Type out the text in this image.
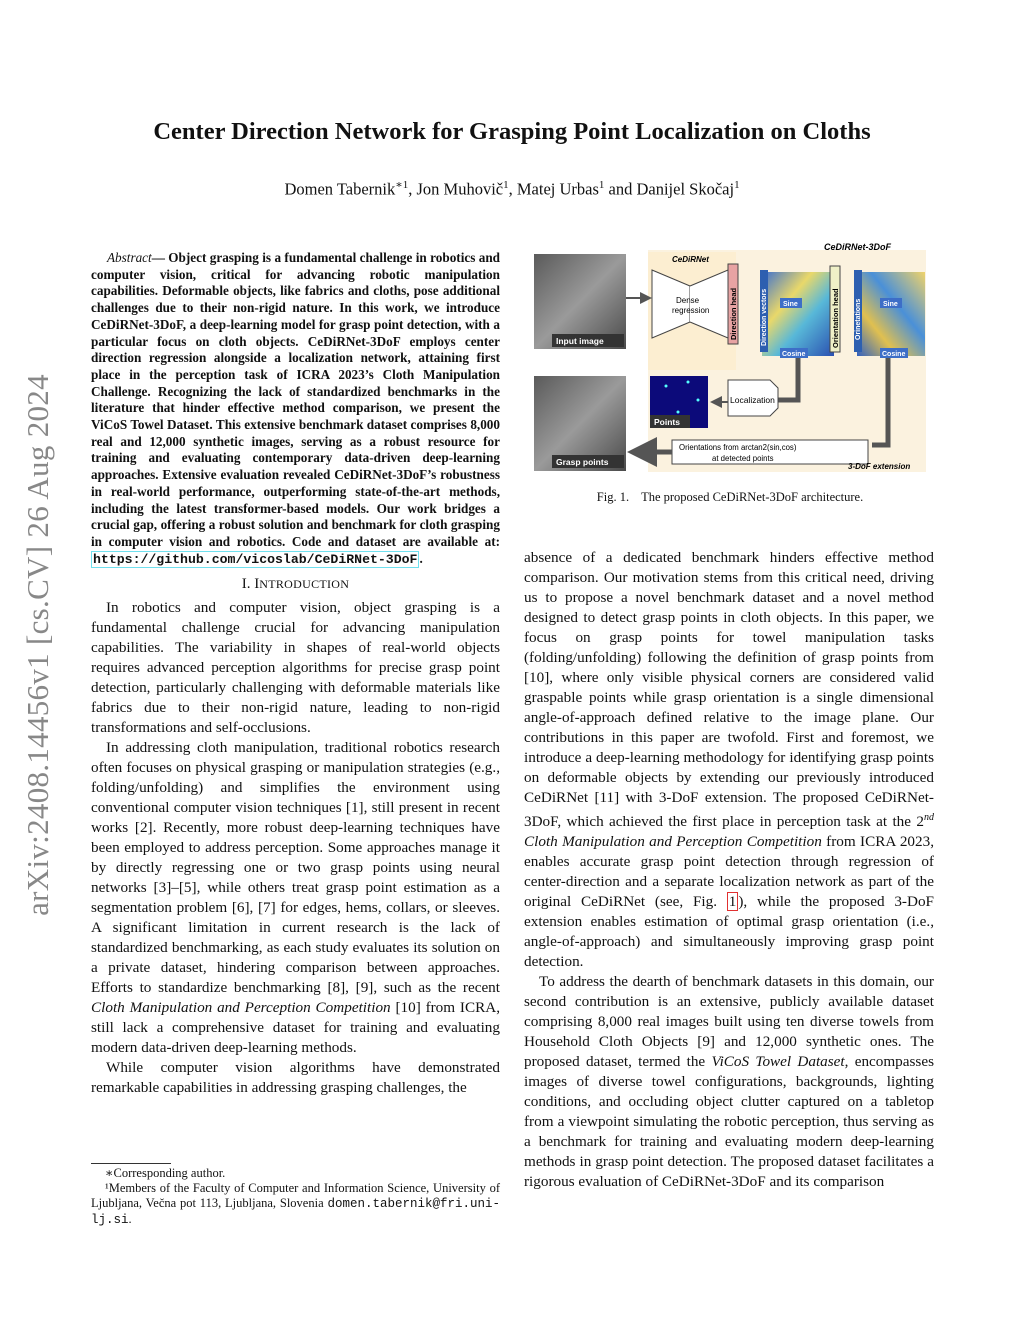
arXiv:2408.14456v1 [cs.CV] 26 Aug 2024
Center Direction Network for Grasping Point Localization on Cloths
Domen Tabernik$^{∗1}$, Jon Muhovič$^1$, Matej Urbas$^1$ and Danijel Skočaj$^1$

Abstract— Object grasping is a fundamental challenge in robotics and computer vision, critical for advancing robotic manipulation capabilities. Deformable objects, like fabrics and cloths, pose additional challenges due to their non-rigid nature. In this work, we introduce CeDiRNet-3DoF, a deep-learning model for grasp point detection, with a particular focus on cloth objects. CeDiRNet-3DoF employs center direction regression alongside a localization network, attaining first place in the perception task of ICRA 2023’s Cloth Manipulation Challenge. Recognizing the lack of standardized benchmarks in the literature that hinder effective method comparison, we present the ViCoS Towel Dataset. This extensive benchmark dataset comprises 8,000 real and 12,000 synthetic images, serving as a robust resource for training and evaluating contemporary data-driven deep-learning approaches. Extensive evaluation revealed CeDiRNet-3DoF’s robustness in real-world performance, outperforming state-of-the-art methods, including the latest transformer-based models. Our work bridges a crucial gap, offering a robust solution and benchmark for cloth grasping in computer vision and robotics. Code and dataset are available at: https://github.com/vicoslab/CeDiRNet-3DoF .

I. INTRODUCTION

In robotics and computer vision, object grasping is a fundamental challenge crucial for advancing manipulation capabilities. The variability in shapes of real-world objects requires advanced perception algorithms for precise grasp point detection, particularly challenging with deformable materials like fabrics due to their non-rigid nature, leading to non-rigid transformations and self-occlusions.

In addressing cloth manipulation, traditional robotics research often focuses on physical grasping or manipulation strategies (e.g., folding/unfolding) and simplifies the environment using conventional computer vision techniques [1], still present in recent works [2]. Recently, more robust deep-learning techniques have been employed to address perception. Some approaches manage it by directly regressing one or two grasp points using neural networks [3]–[5], while others treat grasp point estimation as a segmentation problem [6], [7] for edges, hems, collars, or sleeves. A significant limitation in current research is the lack of standardized benchmarking, as each study evaluates its solution on a private dataset, hindering comparison between approaches. Efforts to standardize benchmarking [8], [9], such as the recent Cloth Manipulation and Perception Competition [10] from ICRA, still lack a comprehensive dataset for training and evaluating modern data-driven deep-learning methods.

While computer vision algorithms have demonstrated remarkable capabilities in addressing grasping challenges, the

∗Corresponding author.

¹Members of the Faculty of Computer and Information Science, University of Ljubljana, Večna pot 113, Ljubljana, Slovenia domen.tabernik@fri.uni-lj.si.

CeDiRNet-3DoF
CeDiRNet
Input image
Grasp points
Dense
regression	Direction head	Sine
Cosine
Direction vectors	Orientation head Orinetations	Sine
Cosine
Points
Localization
Orientations from arctan2(sin,cos)
at detected points
3-DoF extension
Fig. 1. The proposed CeDiRNet-3DoF architecture.

absence of a dedicated benchmark hinders effective method comparison. Our motivation stems from this critical need, driving us to propose a novel benchmark dataset and a novel method designed to detect grasp points in cloth objects. In this paper, we focus on grasp points for towel manipulation tasks (folding/unfolding) following the definition of grasp points from [10], where only visible physical corners are considered valid graspable points while grasp orientation is a single dimensional angle-of-approach defined relative to the image plane. Our contributions in this paper are twofold. First and foremost, we introduce a deep-learning methodology for identifying grasp points on deformable objects by extending our previously introduced CeDiRNet [11] with 3-DoF extension. The proposed CeDiRNet-3DoF, which achieved the first place in perception task at the 2nd Cloth Manipulation and Perception Competition from ICRA 2023, enables accurate grasp point detection through regression of center-direction and a separate localization network as part of the original CeDiRNet (see, Fig. 1 ), while the proposed 3-DoF extension enables estimation of optimal grasp orientation (i.e., angle-of-approach) and simultaneously improving grasp point detection.

To address the dearth of benchmark datasets in this domain, our second contribution is an extensive, publicly available dataset comprising 8,000 real images built using ten diverse towels from Household Cloth Objects [9] and 12,000 synthetic ones. The proposed dataset, termed the ViCoS Towel Dataset, encompasses images of diverse towel configurations, backgrounds, lighting conditions, and occluding object clutter captured on a tabletop from a viewpoint simulating the robotic perception, thus serving as a benchmark for training and evaluating modern deep-learning methods in grasp point detection. The proposed dataset facilitates a rigorous evaluation of CeDiRNet-3DoF and its comparison
